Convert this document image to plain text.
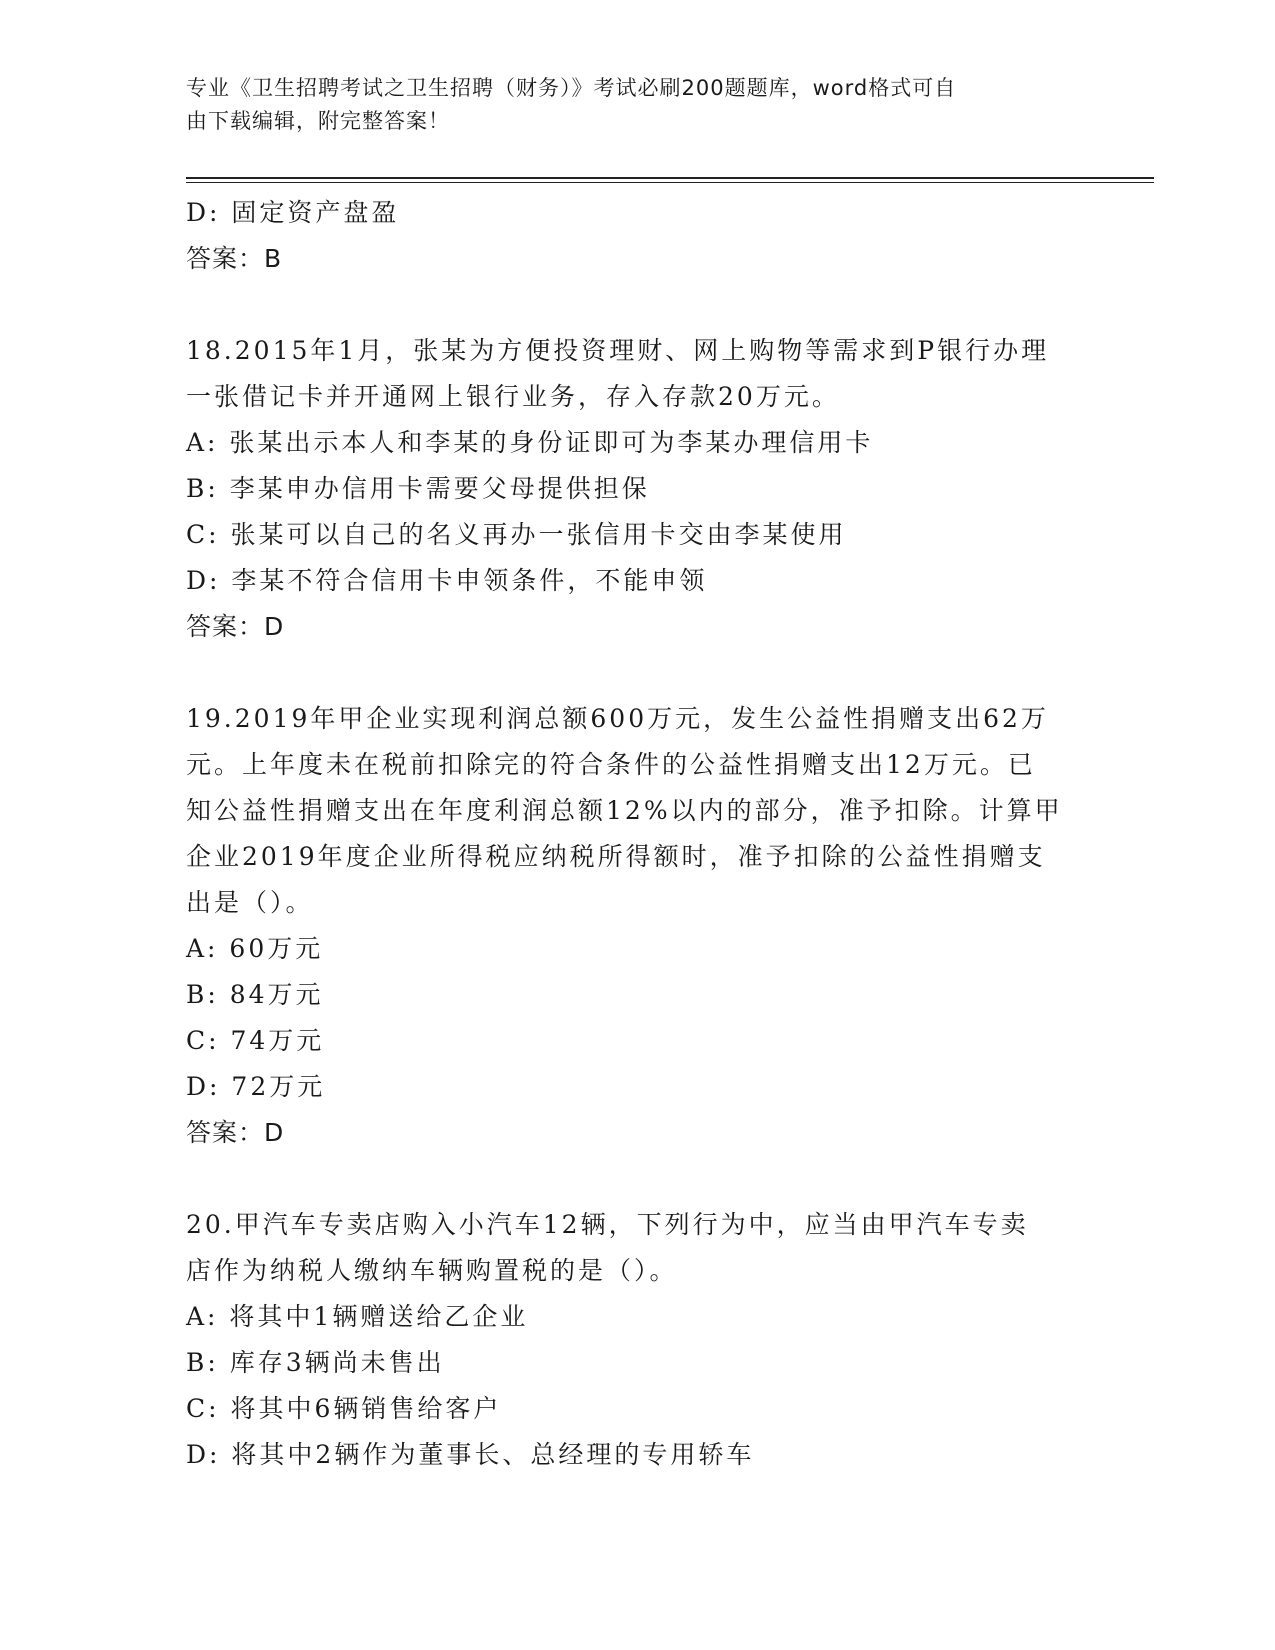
专业《卫生招聘考试之卫生招聘（财务）》考试必刷200题题库，word格式可自
由下载编辑，附完整答案！
D: 固定资产盘盈
答案：B
18.2015年1月，张某为方便投资理财、网上购物等需求到P银行办理
一张借记卡并开通网上银行业务，存入存款20万元。
A: 张某出示本人和李某的身份证即可为李某办理信用卡
B: 李某申办信用卡需要父母提供担保
C: 张某可以自己的名义再办一张信用卡交由李某使用
D: 李某不符合信用卡申领条件，不能申领
答案：D
19.2019年甲企业实现利润总额600万元，发生公益性捐赠支出62万
元。上年度未在税前扣除完的符合条件的公益性捐赠支出12万元。已
知公益性捐赠支出在年度利润总额12%以内的部分，准予扣除。计算甲
企业2019年度企业所得税应纳税所得额时，准予扣除的公益性捐赠支
出是（）。
A: 60万元
B: 84万元
C: 74万元
D: 72万元
答案：D
20.甲汽车专卖店购入小汽车12辆，下列行为中，应当由甲汽车专卖
店作为纳税人缴纳车辆购置税的是（）。
A: 将其中1辆赠送给乙企业
B: 库存3辆尚未售出
C: 将其中6辆销售给客户
D: 将其中2辆作为董事长、总经理的专用轿车
